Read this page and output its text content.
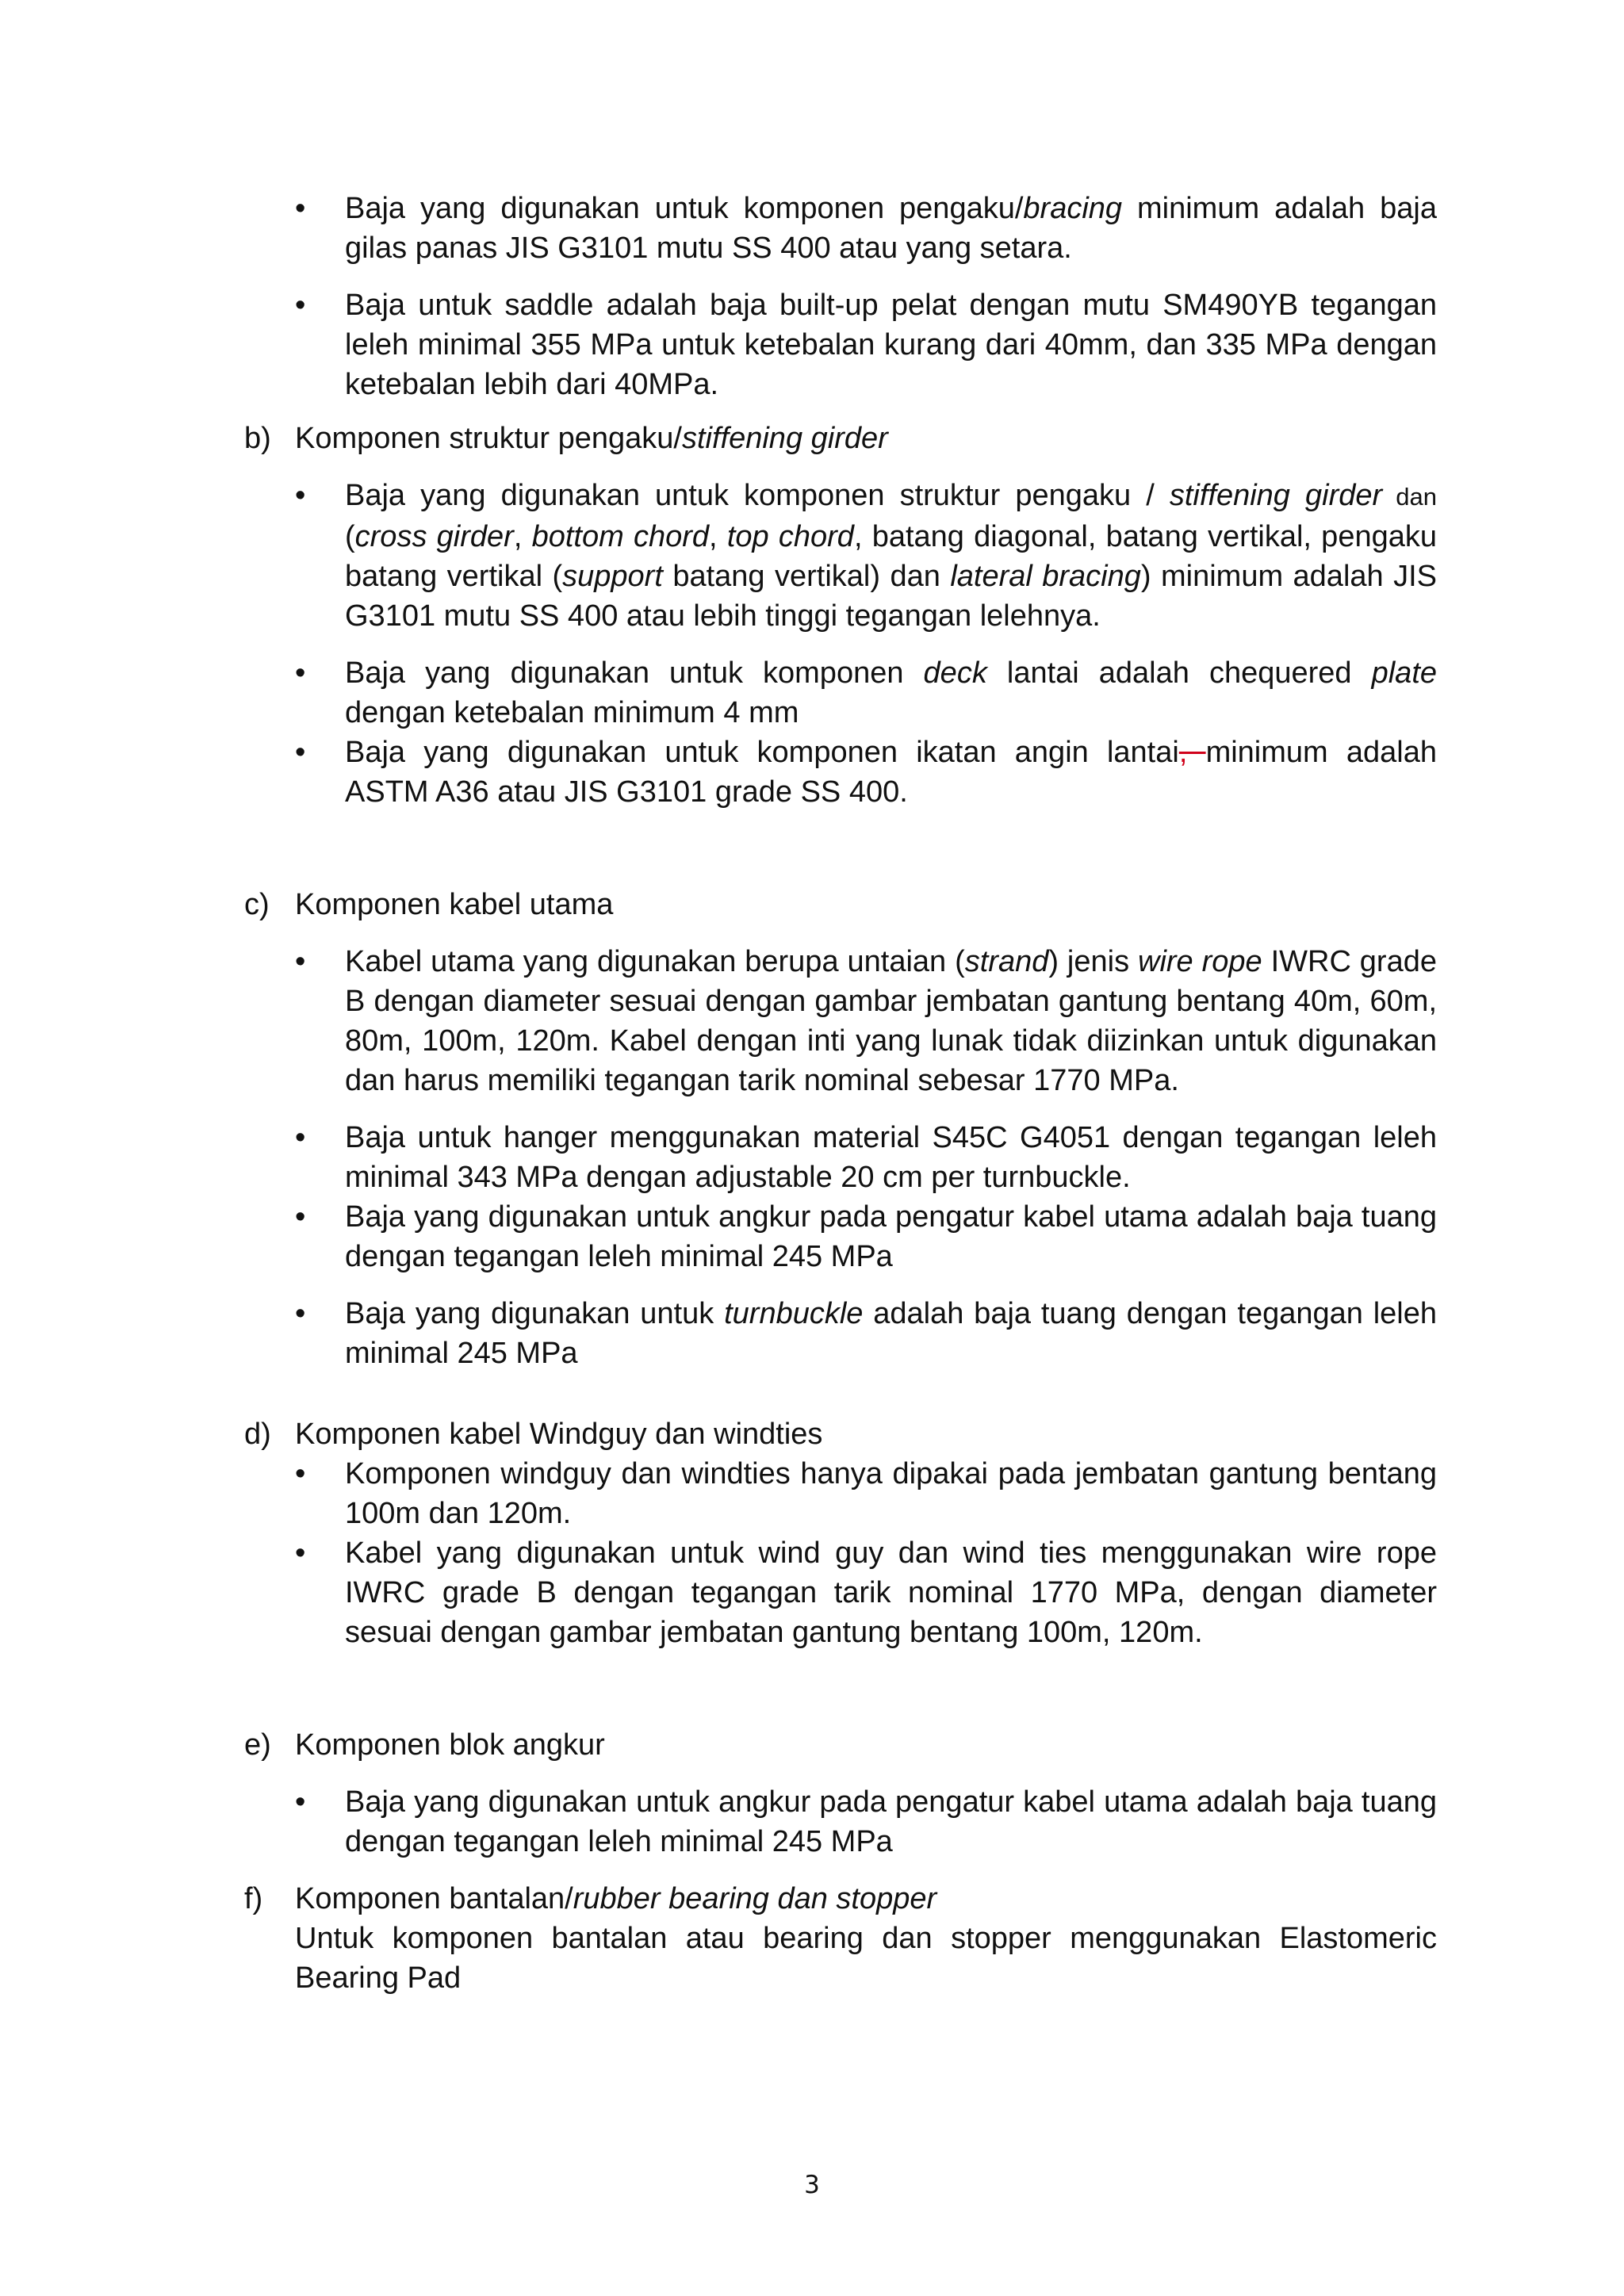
• Baja yang digunakan untuk komponen pengaku/bracing minimum adalah baja gilas panas JIS G3101 mutu SS 400 atau yang setara.
• Baja untuk saddle adalah baja built-up pelat dengan mutu SM490YB tegangan leleh minimal 355 MPa untuk ketebalan kurang dari 40mm, dan 335 MPa dengan ketebalan lebih dari 40MPa.
b) Komponen struktur pengaku/stiffening girder
• Baja yang digunakan untuk komponen struktur pengaku / stiffening girder dan (cross girder, bottom chord, top chord, batang diagonal, batang vertikal, pengaku batang vertikal (support batang vertikal) dan lateral bracing) minimum adalah JIS G3101 mutu SS 400 atau lebih tinggi tegangan lelehnya.
• Baja yang digunakan untuk komponen deck lantai adalah chequered plate dengan ketebalan minimum 4 mm
• Baja yang digunakan untuk komponen ikatan angin lantai, minimum adalah ASTM A36 atau JIS G3101 grade SS 400.
c) Komponen kabel utama
• Kabel utama yang digunakan berupa untaian (strand) jenis wire rope IWRC grade B dengan diameter sesuai dengan gambar jembatan gantung bentang 40m, 60m, 80m, 100m, 120m. Kabel dengan inti yang lunak tidak diizinkan untuk digunakan dan harus memiliki tegangan tarik nominal sebesar 1770 MPa.
• Baja untuk hanger menggunakan material S45C G4051 dengan tegangan leleh minimal 343 MPa dengan adjustable 20 cm per turnbuckle.
• Baja yang digunakan untuk angkur pada pengatur kabel utama adalah baja tuang dengan tegangan leleh minimal 245 MPa
• Baja yang digunakan untuk turnbuckle adalah baja tuang dengan tegangan leleh minimal 245 MPa
d) Komponen kabel Windguy dan windties
• Komponen windguy dan windties hanya dipakai pada jembatan gantung bentang 100m dan 120m.
• Kabel yang digunakan untuk wind guy dan wind ties menggunakan wire rope IWRC grade B dengan tegangan tarik nominal 1770 MPa, dengan diameter sesuai dengan gambar jembatan gantung bentang 100m, 120m.
e) Komponen blok angkur
• Baja yang digunakan untuk angkur pada pengatur kabel utama adalah baja tuang dengan tegangan leleh minimal 245 MPa
f) Komponen bantalan/rubber bearing dan stopper
Untuk komponen bantalan atau bearing dan stopper menggunakan Elastomeric Bearing Pad
3
